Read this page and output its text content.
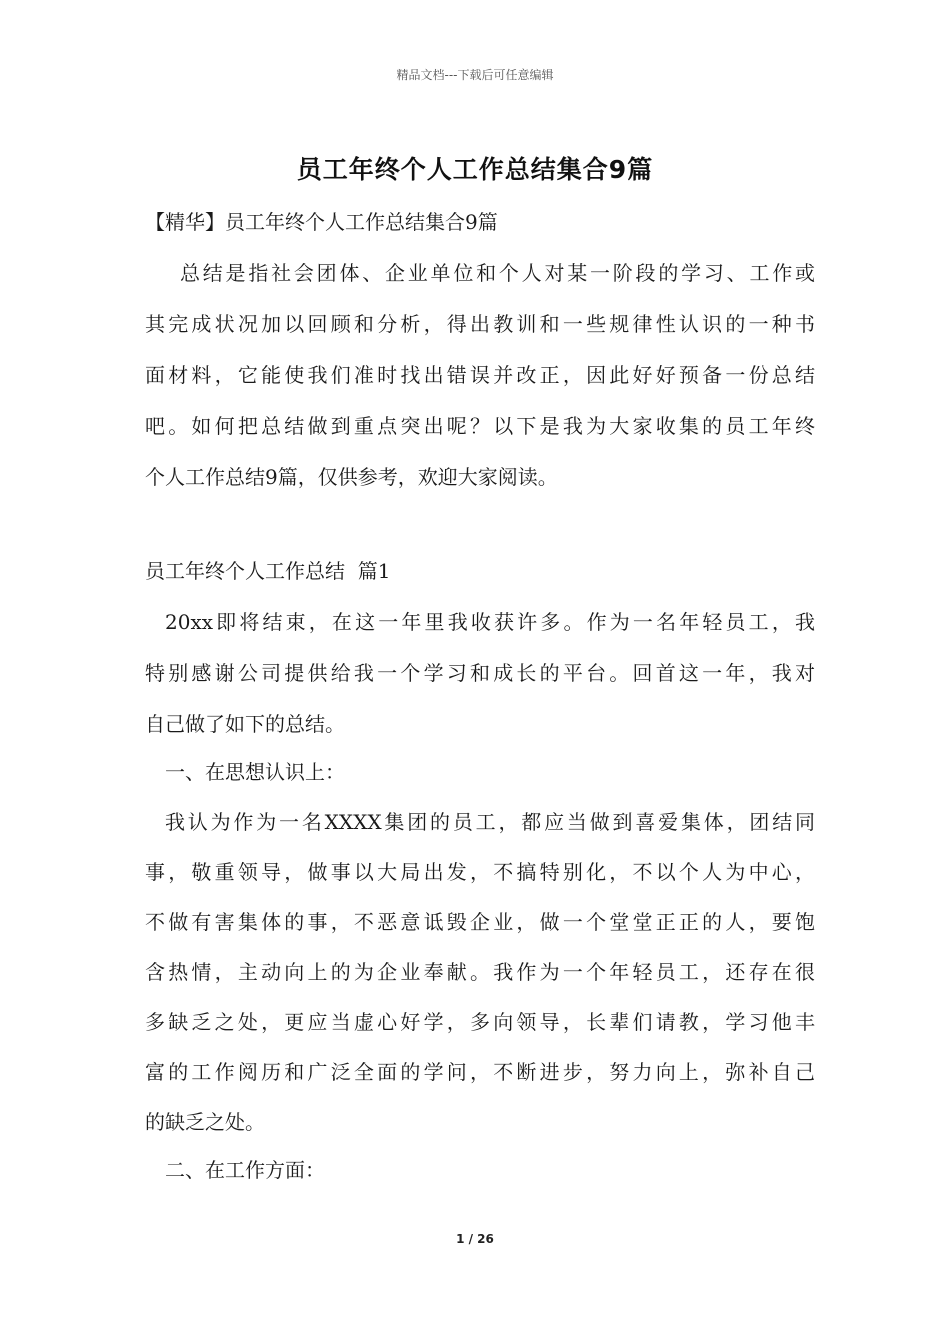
精品文档---下载后可任意编辑
员工年终个人工作总结集合9篇
【精华】员工年终个人工作总结集合9篇
总结是指社会团体、企业单位和个人对某一阶段的学习、工作或
其完成状况加以回顾和分析，得出教训和一些规律性认识的一种书
面材料，它能使我们准时找出错误并改正，因此好好预备一份总结
吧。如何把总结做到重点突出呢？以下是我为大家收集的员工年终
个人工作总结9篇，仅供参考，欢迎大家阅读。
员工年终个人工作总结  篇1
20xx即将结束，在这一年里我收获许多。作为一名年轻员工，我
特别感谢公司提供给我一个学习和成长的平台。回首这一年，我对
自己做了如下的总结。
一、在思想认识上：
我认为作为一名XXXX集团的员工，都应当做到喜爱集体，团结同
事，敬重领导，做事以大局出发，不搞特别化，不以个人为中心，
不做有害集体的事，不恶意诋毁企业，做一个堂堂正正的人，要饱
含热情，主动向上的为企业奉献。我作为一个年轻员工，还存在很
多缺乏之处，更应当虚心好学，多向领导，长辈们请教，学习他丰
富的工作阅历和广泛全面的学问，不断进步，努力向上，弥补自己
的缺乏之处。
二、在工作方面：
1 / 26
